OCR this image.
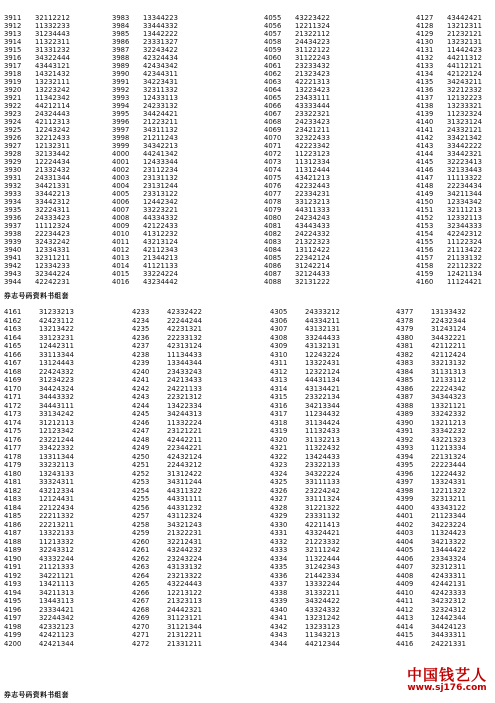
3911 32112212
3912 11332233
3913 31234443
3914 11322311
3915 31331232
3916 34322444
3917 43443121
3918 14321432
3919 13232111
3920 13223242
3921 11342342
3922 44212114
3923 24324443
3924 42112313
3925 12243242
3926 32212433
3927 12132311
3928 32133442
3929 12224434
3930 21332432
3931 24331344
3932 34421331
3933 33442213
3934 33442312
3935 32224311
3936 24333423
3937 11112324
3938 22234423
3939 32432242
3940 12334331
3941 32311211
3942 12334233
3943 32344224
3944 42242231
3983 13344223
3984 33444332
3985 13442222
3986 23331327
3987 32243422
3988 42324434
3989 42434342
3990 42344311
3991 34223431
3992 32311332
3993 12433113
3994 24233132
3995 34424421
3996 21223211
3997 34311132
3998 21211243
3999 34342213
4000 44241342
4001 12433344
4002 23112234
4003 23131132
4004 23131244
4005 23313122
4006 12442342
4007 33223221
4008 44334332
4009 42122433
4010 41312232
4011 43213124
4012 42112343
4013 21344213
4014 41121133
4015 33224224
4016 43234442
4055 43223422
4056 12211324
4057 21322112
4058 24434223
4059 31122122
4060 31122243
4061 23233432
4062 21323423
4063 42221313
4064 13223423
4065 23433111
4066 43333444
4067 23322321
4068 24233423
4069 23421211
4070 32322433
4071 42223342
4072 11223123
4073 11312334
4074 11312444
4075 43421213
4076 42232443
4077 22334231
4078 33123213
4079 44311333
4080 24234243
4081 43443433
4082 24224332
4083 21322323
4084 13112422
4085 22342124
4086 31242214
4087 32124433
4088 32131222
4127 43442421
4128 13212311
4129 21232121
4130 13232131
4131 11442423
4132 44211312
4133 44112121
4134 42122124
4135 34243211
4136 32212332
4137 12132223
4138 13233321
4139 11232324
4140 31323124
4141 24332121
4142 33421342
4143 33442222
4144 33442321
4145 32223413
4146 32133443
4147 11113322
4148 22234434
4149 34211344
4150 12334342
4151 32111213
4152 12332113
4153 32344333
4154 42242312
4155 11122324
4156 21113422
4157 21133132
4158 22112322
4159 12421134
4160 11124421
券志号码资料书组套
4161	31233213
4162	42423112
4163	13213422
4164	33123231
4165	12442311
4166	33113344
4167	13124443
4168	22424332
4169	31234223
4170	34424324
4171	34443332
4172	34443111
4173	33134242
4174	31212113
4175	12123342
4176	23221244
4177	33422332
4178	13311344
4179	33232113
4180	13243133
4181	33324311
4182	43212334
4183	12124431
4184	22122434
4185	22211332
4186	22213211
4187	13322133
4188	11213332
4189	32243312
4190	43332244
4191	21121333
4192	34221121
4193	13421113
4194	34211313
4195	13443113
4196	23334421
4197	32244342
4198	42332123
4199	42421123
4200	42421344
4233	42332422
4234	22244244
4235	42231321
4236	22233132
4237	42313124
4238	11134433
4239	13344344
4240	23433243
4241	24213433
4242	24221133
4243	22321312
4244	13422334
4245	34244313
4246	11332224
4247	23121221
4248	42442211
4249	22344221
4250	42432124
4251	22443212
4252	31312422
4253	34311244
4254	44311322
4255	44331111
4256	44331232
4257	43112324
4258	34321243
4259	21322231
4260	32212431
4261	43244232
4262	23243224
4263	43133132
4264	23213322
4265	43224443
4266	12213122
4267	21323113
4268	24442321
4269	31123121
4270	31121344
4271	21312211
4272	21331211
4305	24333212
4306	44334211
4307	43132131
4308	33244433
4309	43132131
4310	12243224
4311	13322431
4312	12322124
4313	44431134
4314	43134421
4315	23322134
4316	34213344
4317	11234432
4318	31134424
4319	11132433
4320	31132213
4321	11322432
4322	13424433
4323	23322133
4324	34322224
4325	33111133
4326	23224242
4327	33111324
4328	31221322
4329	23331132
4330	42211413
4331	43324421
4332	21223332
4333	32111242
4334	11322444
4335	31242343
4336	21442334
4337	13332244
4338	31332211
4339	34324422
4340	43324332
4341	13231242
4342	13233123
4343	11343213
4344	44212344
4377	13133432
4378	22432344
4379	31243124
4380	34432221
4381	42112211
4382	42112424
4383	33213132
4384	31131313
4385	12133112
4386	22224342
4387	34344323
4388	13321121
4389	33242332
4390	13211213
4391	33342232
4392	43221323
4393	11213334
4394	22131324
4395	22223444
4396	12224432
4397	13324331
4398	12211322
4399	32313211
4400	43343122
4401	21123344
4402	34223224
4403	11324423
4404	34213322
4405	13444422
4406	23343324
4407	32312311
4408	42433311
4409	42442131
4410	42423333
4411	34232312
4412	32324312
4413	12442344
4414	34424123
4415	34433311
4416	24221331
券志号码资料书组套
中国钱艺人
www.sj176.com
